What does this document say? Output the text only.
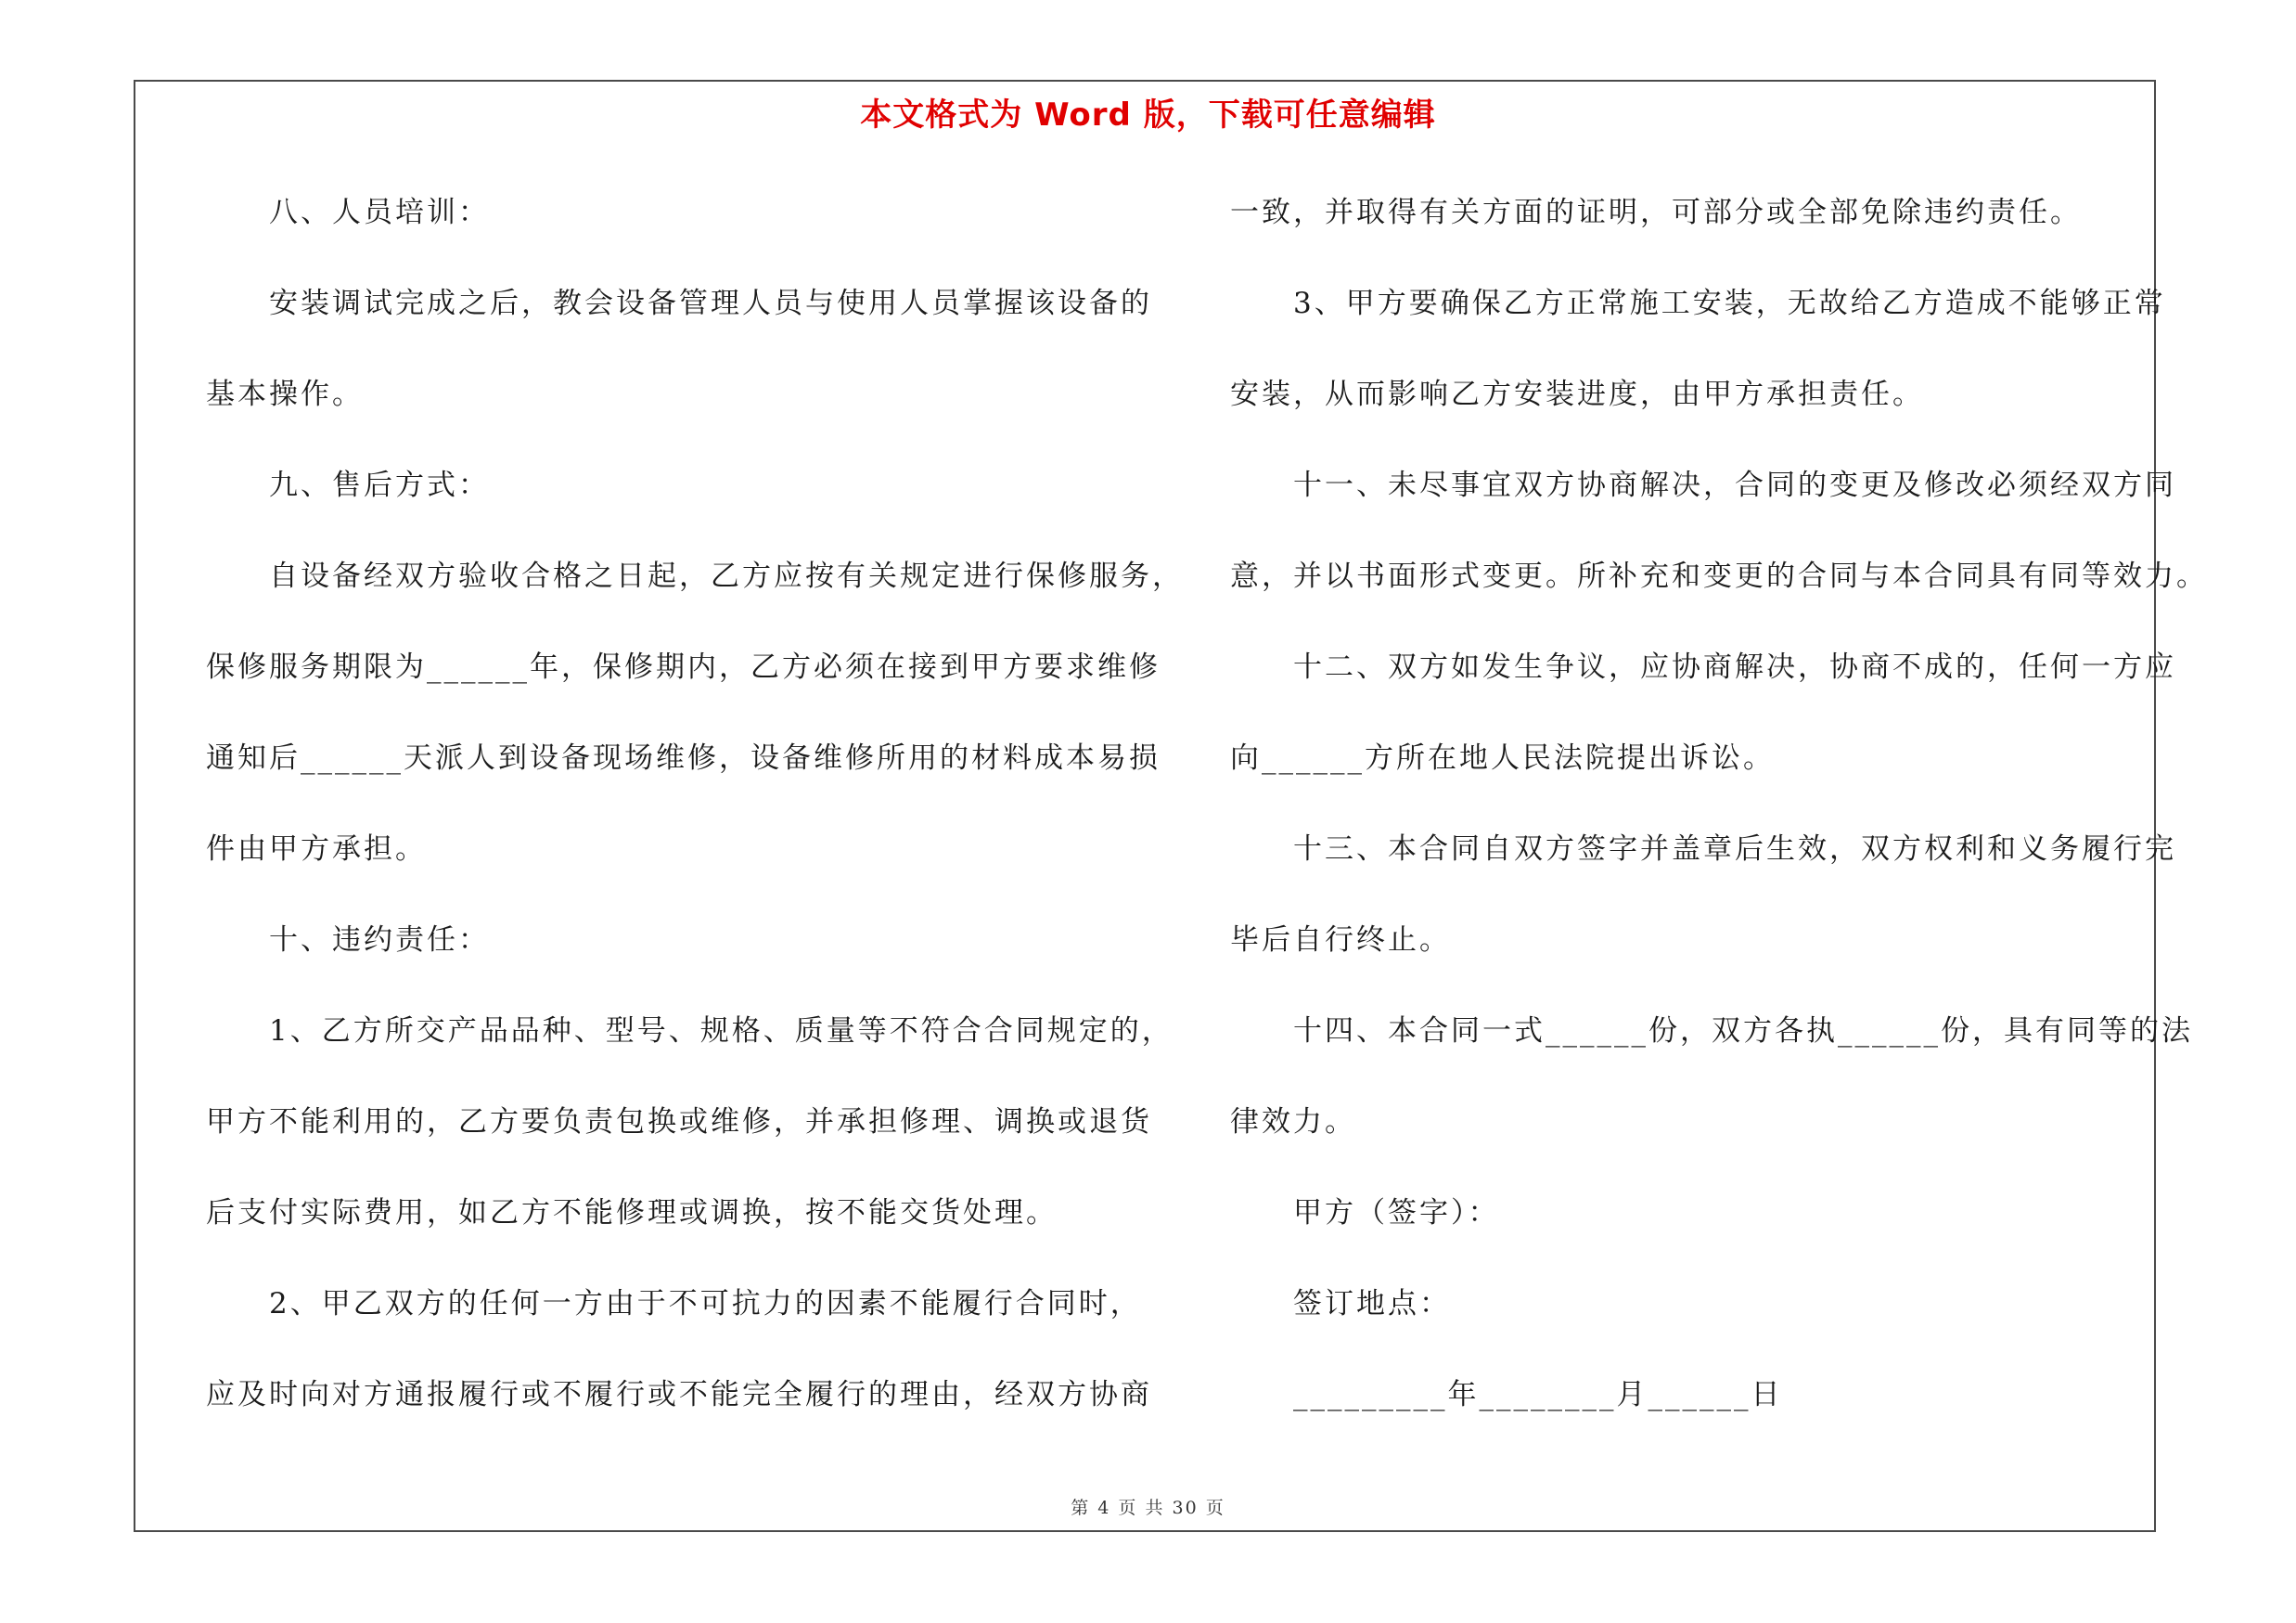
本文格式为 Word 版，下载可任意编辑
　　八、人员培训：
　　安装调试完成之后，教会设备管理人员与使用人员掌握该设备的
基本操作。
　　九、售后方式：
　　自设备经双方验收合格之日起，乙方应按有关规定进行保修服务，
保修服务期限为______年，保修期内，乙方必须在接到甲方要求维修
通知后______天派人到设备现场维修，设备维修所用的材料成本易损
件由甲方承担。
　　十、违约责任：
　　1、乙方所交产品品种、型号、规格、质量等不符合合同规定的，
甲方不能利用的，乙方要负责包换或维修，并承担修理、调换或退货
后支付实际费用，如乙方不能修理或调换，按不能交货处理。
　　2、甲乙双方的任何一方由于不可抗力的因素不能履行合同时，
应及时向对方通报履行或不履行或不能完全履行的理由，经双方协商
一致，并取得有关方面的证明，可部分或全部免除违约责任。
　　3、甲方要确保乙方正常施工安装，无故给乙方造成不能够正常
安装，从而影响乙方安装进度，由甲方承担责任。
　　十一、未尽事宜双方协商解决，合同的变更及修改必须经双方同
意，并以书面形式变更。所补充和变更的合同与本合同具有同等效力。
　　十二、双方如发生争议，应协商解决，协商不成的，任何一方应
向______方所在地人民法院提出诉讼。
　　十三、本合同自双方签字并盖章后生效，双方权利和义务履行完
毕后自行终止。
　　十四、本合同一式______份，双方各执______份，具有同等的法
律效力。
　　甲方（签字）：
　　签订地点：
　　_________年________月______日
第 4 页 共 30 页
